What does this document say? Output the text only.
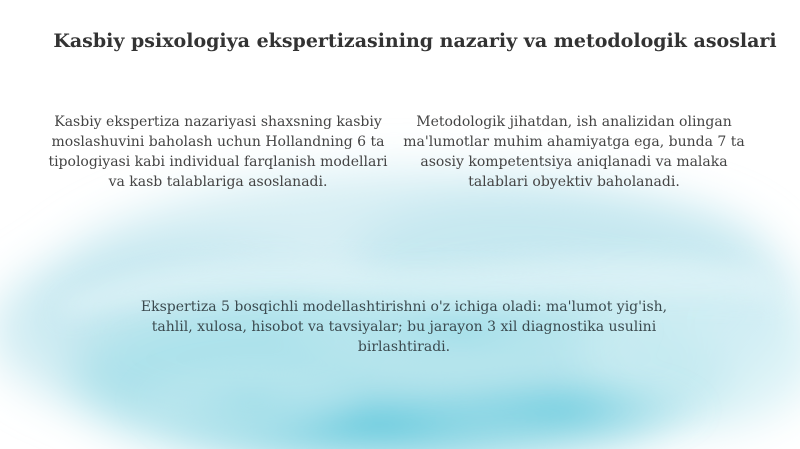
Kasbiy psixologiya ekspertizasining nazariy va metodologik asoslari

Kasbiy ekspertiza nazariyasi shaxsning kasbiy moslashuvini baholash uchun Hollandning 6 ta tipologiyasi kabi individual farqlanish modellari va kasb talablariga asoslanadi.

Metodologik jihatdan, ish analizidan olingan ma'lumotlar muhim ahamiyatga ega, bunda 7 ta asosiy kompetentsiya aniqlanadi va malaka talablari obyektiv baholanadi.

Ekspertiza 5 bosqichli modellashtirishni o'z ichiga oladi: ma'lumot yig'ish, tahlil, xulosa, hisobot va tavsiyalar; bu jarayon 3 xil diagnostika usulini birlashtiradi.
